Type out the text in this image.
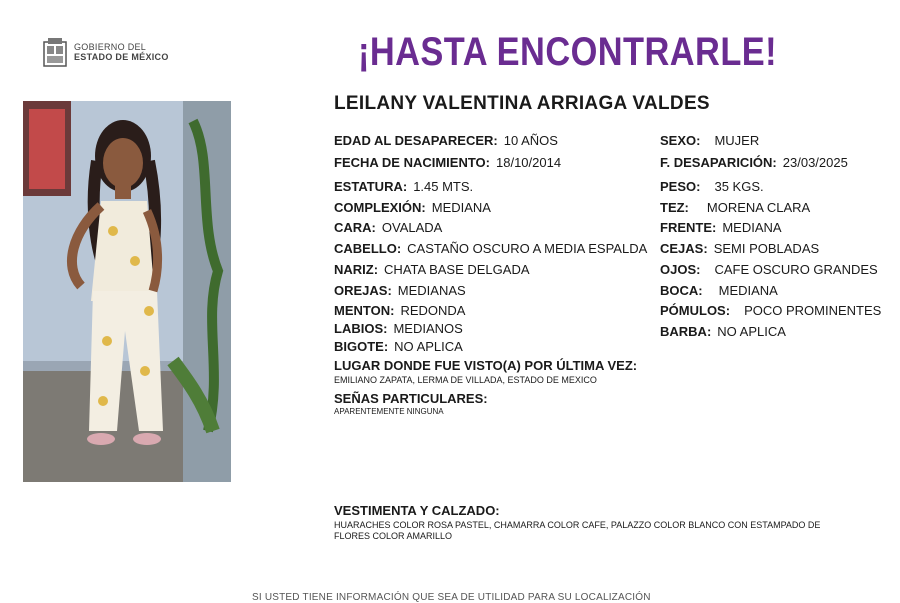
GOBIERNO DEL
ESTADO DE MÉXICO	¡HASTA ENCONTRARLE!
LEILANY VALENTINA ARRIAGA VALDES
EDAD AL DESAPARECER: 10 AÑOS
FECHA DE NACIMIENTO: 18/10/2014
ESTATURA: 1.45 MTS.
COMPLEXIÓN: MEDIANA
CARA: OVALADA
CABELLO: CASTAÑO OSCURO A MEDIA ESPALDA
NARIZ: CHATA BASE DELGADA
OREJAS: MEDIANAS
MENTON: REDONDA
LABIOS: MEDIANOS
BIGOTE: NO APLICA
SEXO: MUJER
F. DESAPARICIÓN: 23/03/2025
PESO: 35 KGS.
TEZ: MORENA CLARA
FRENTE: MEDIANA
CEJAS: SEMI POBLADAS
OJOS: CAFE OSCURO GRANDES
BOCA: MEDIANA
PÓMULOS: POCO PROMINENTES
BARBA: NO APLICA
LUGAR DONDE FUE VISTO(A) POR ÚLTIMA VEZ:
EMILIANO ZAPATA, LERMA DE VILLADA, ESTADO DE MEXICO
SEÑAS PARTICULARES:
APARENTEMENTE NINGUNA
VESTIMENTA Y CALZADO:
HUARACHES COLOR ROSA PASTEL, CHAMARRA COLOR CAFE, PALAZZO COLOR BLANCO CON ESTAMPADO DE
FLORES COLOR AMARILLO
SI USTED TIENE INFORMACIÓN QUE SEA DE UTILIDAD PARA SU LOCALIZACIÓN
